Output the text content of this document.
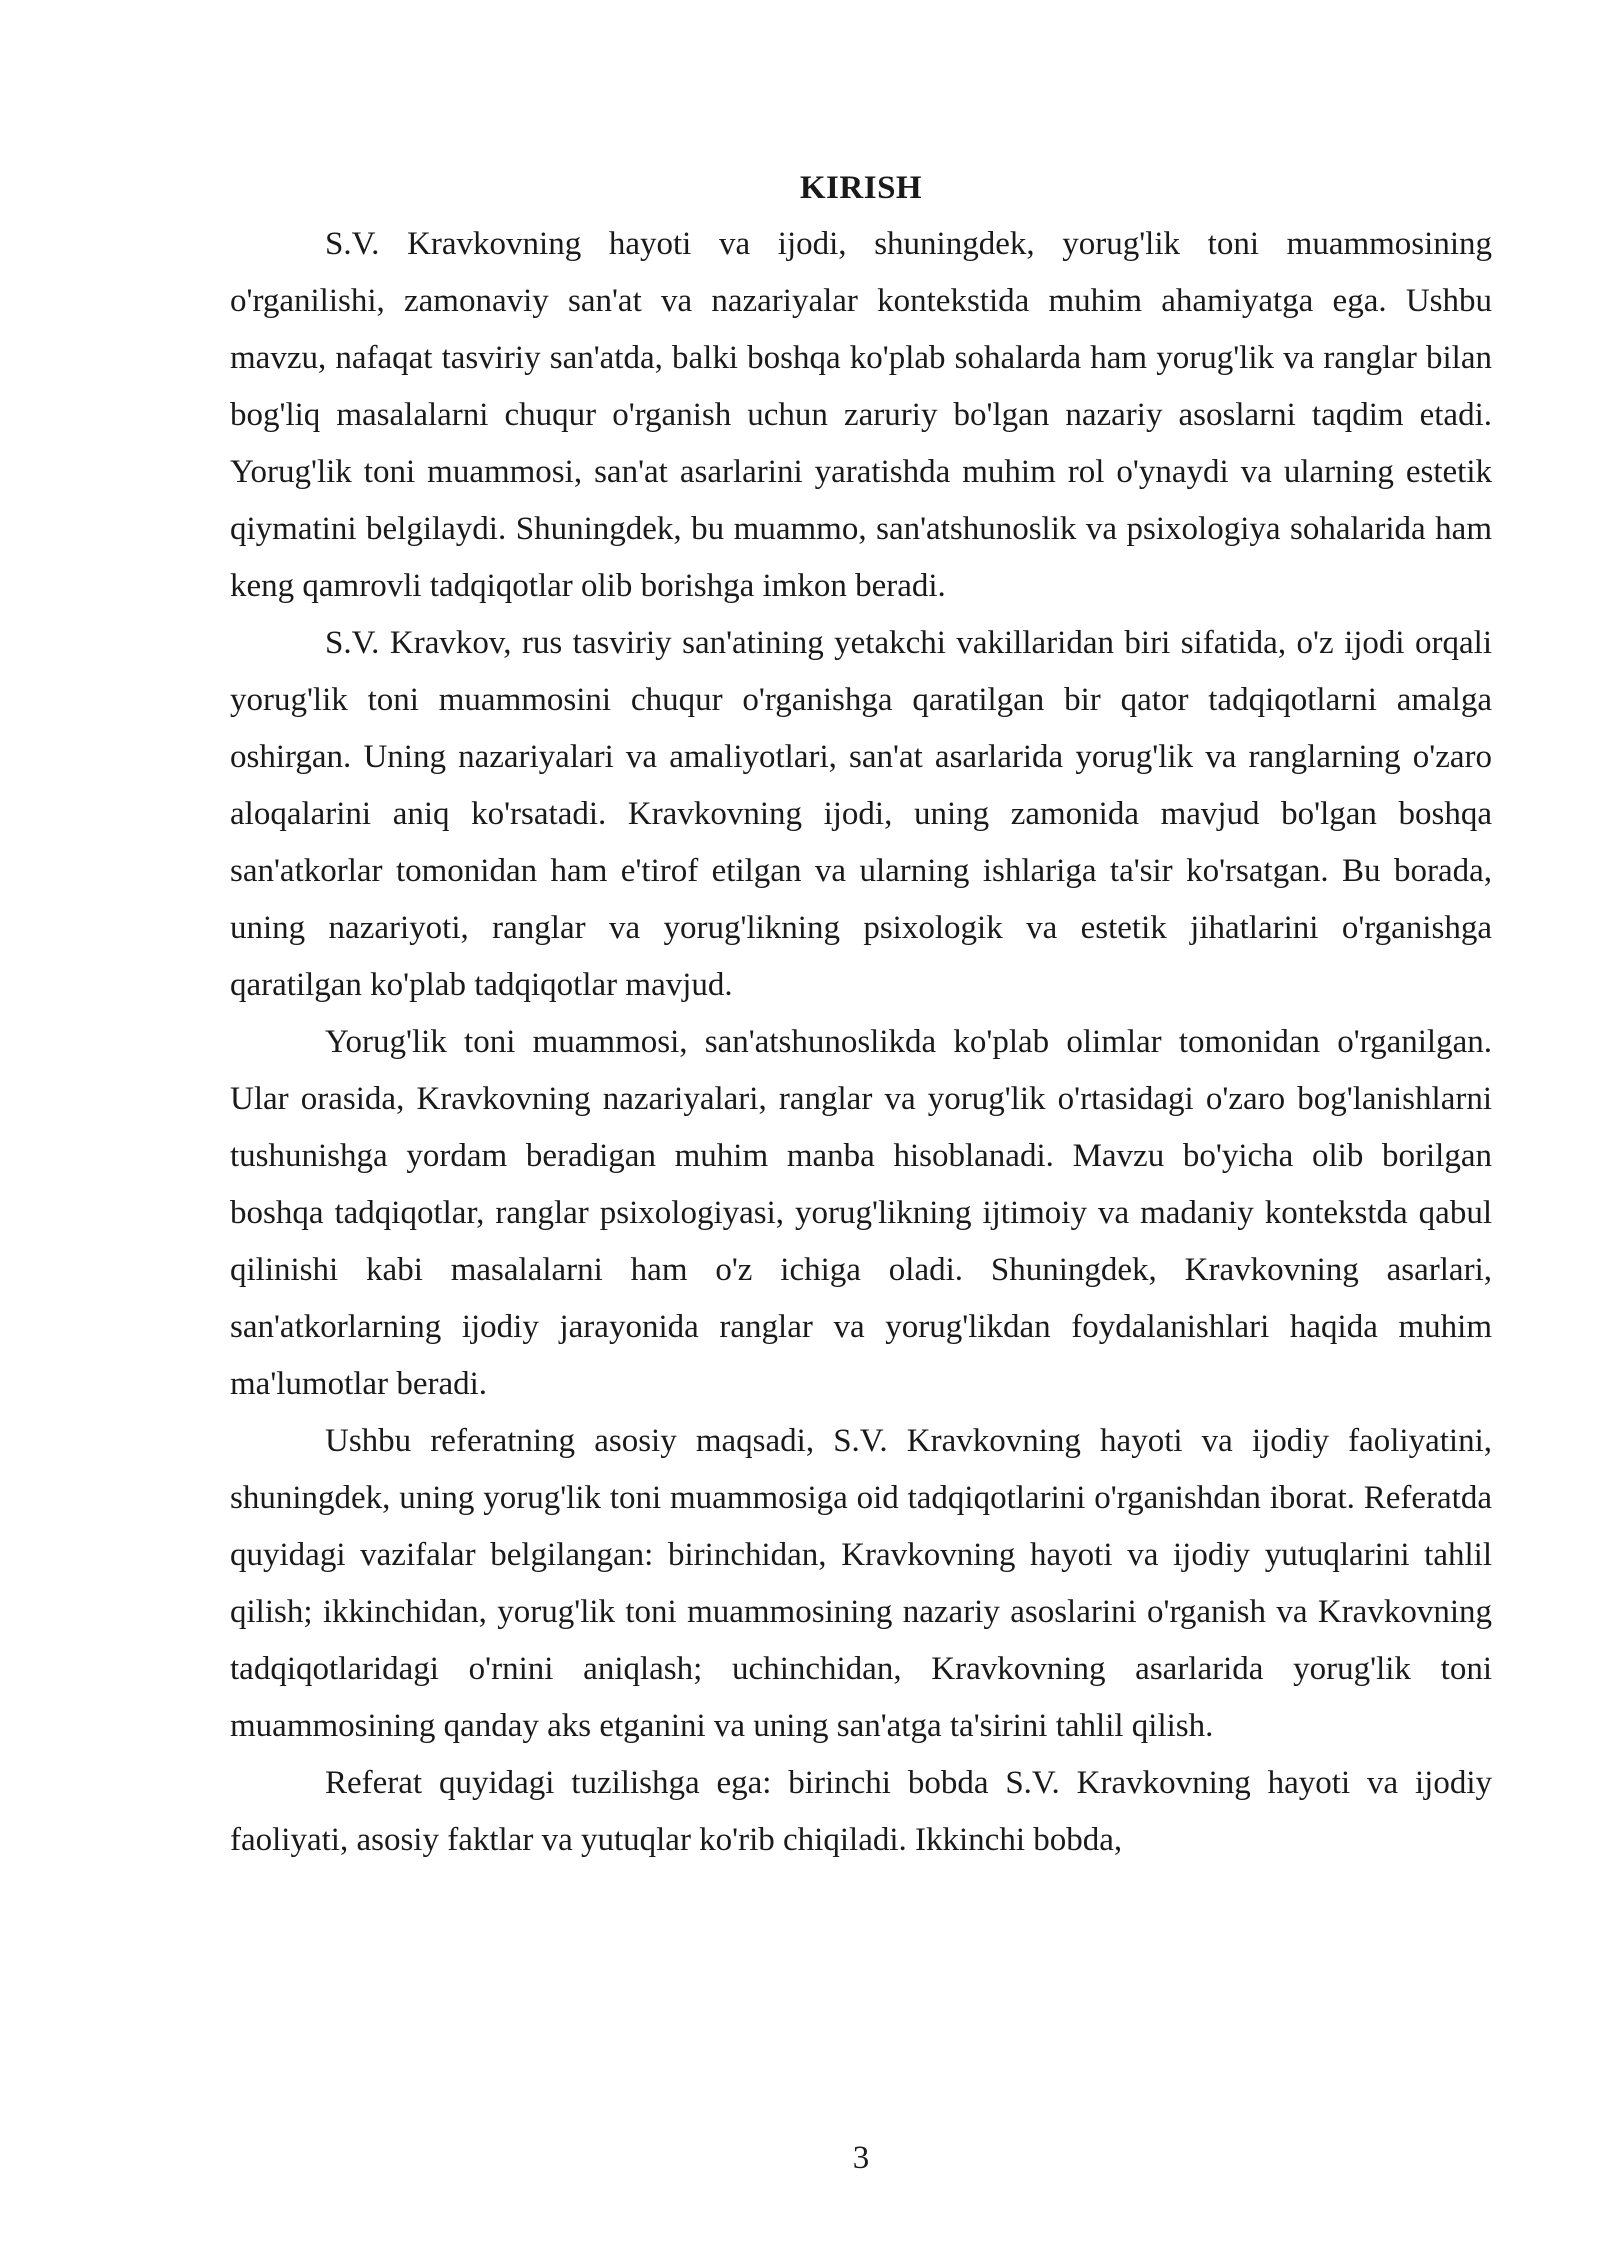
KIRISH

S.V. Kravkovning hayoti va ijodi, shuningdek, yorug'lik toni muammosining o'rganilishi, zamonaviy san'at va nazariyalar kontekstida muhim ahamiyatga ega. Ushbu mavzu, nafaqat tasviriy san'atda, balki boshqa ko'plab sohalarda ham yorug'lik va ranglar bilan bog'liq masalalarni chuqur o'rganish uchun zaruriy bo'lgan nazariy asoslarni taqdim etadi. Yorug'lik toni muammosi, san'at asarlarini yaratishda muhim rol o'ynaydi va ularning estetik qiymatini belgilaydi. Shuningdek, bu muammo, san'atshunoslik va psixologiya sohalarida ham keng qamrovli tadqiqotlar olib borishga imkon beradi.

S.V. Kravkov, rus tasviriy san'atining yetakchi vakillaridan biri sifatida, o'z ijodi orqali yorug'lik toni muammosini chuqur o'rganishga qaratilgan bir qator tadqiqotlarni amalga oshirgan. Uning nazariyalari va amaliyotlari, san'at asarlarida yorug'lik va ranglarning o'zaro aloqalarini aniq ko'rsatadi. Kravkovning ijodi, uning zamonida mavjud bo'lgan boshqa san'atkorlar tomonidan ham e'tirof etilgan va ularning ishlariga ta'sir ko'rsatgan. Bu borada, uning nazariyoti, ranglar va yorug'likning psixologik va estetik jihatlarini o'rganishga qaratilgan ko'plab tadqiqotlar mavjud.

Yorug'lik toni muammosi, san'atshunoslikda ko'plab olimlar tomonidan o'rganilgan. Ular orasida, Kravkovning nazariyalari, ranglar va yorug'lik o'rtasidagi o'zaro bog'lanishlarni tushunishga yordam beradigan muhim manba hisoblanadi. Mavzu bo'yicha olib borilgan boshqa tadqiqotlar, ranglar psixologiyasi, yorug'likning ijtimoiy va madaniy kontekstda qabul qilinishi kabi masalalarni ham o'z ichiga oladi. Shuningdek, Kravkovning asarlari, san'atkorlarning ijodiy jarayonida ranglar va yorug'likdan foydalanishlari haqida muhim ma'lumotlar beradi.

Ushbu referatning asosiy maqsadi, S.V. Kravkovning hayoti va ijodiy faoliyatini, shuningdek, uning yorug'lik toni muammosiga oid tadqiqotlarini o'rganishdan iborat. Referatda quyidagi vazifalar belgilangan: birinchidan, Kravkovning hayoti va ijodiy yutuqlarini tahlil qilish; ikkinchidan, yorug'lik toni muammosining nazariy asoslarini o'rganish va Kravkovning tadqiqotlaridagi o'rnini aniqlash; uchinchidan, Kravkovning asarlarida yorug'lik toni muammosining qanday aks etganini va uning san'atga ta'sirini tahlil qilish.

Referat quyidagi tuzilishga ega: birinchi bobda S.V. Kravkovning hayoti va ijodiy faoliyati, asosiy faktlar va yutuqlar ko'rib chiqiladi. Ikkinchi bobda,

3
